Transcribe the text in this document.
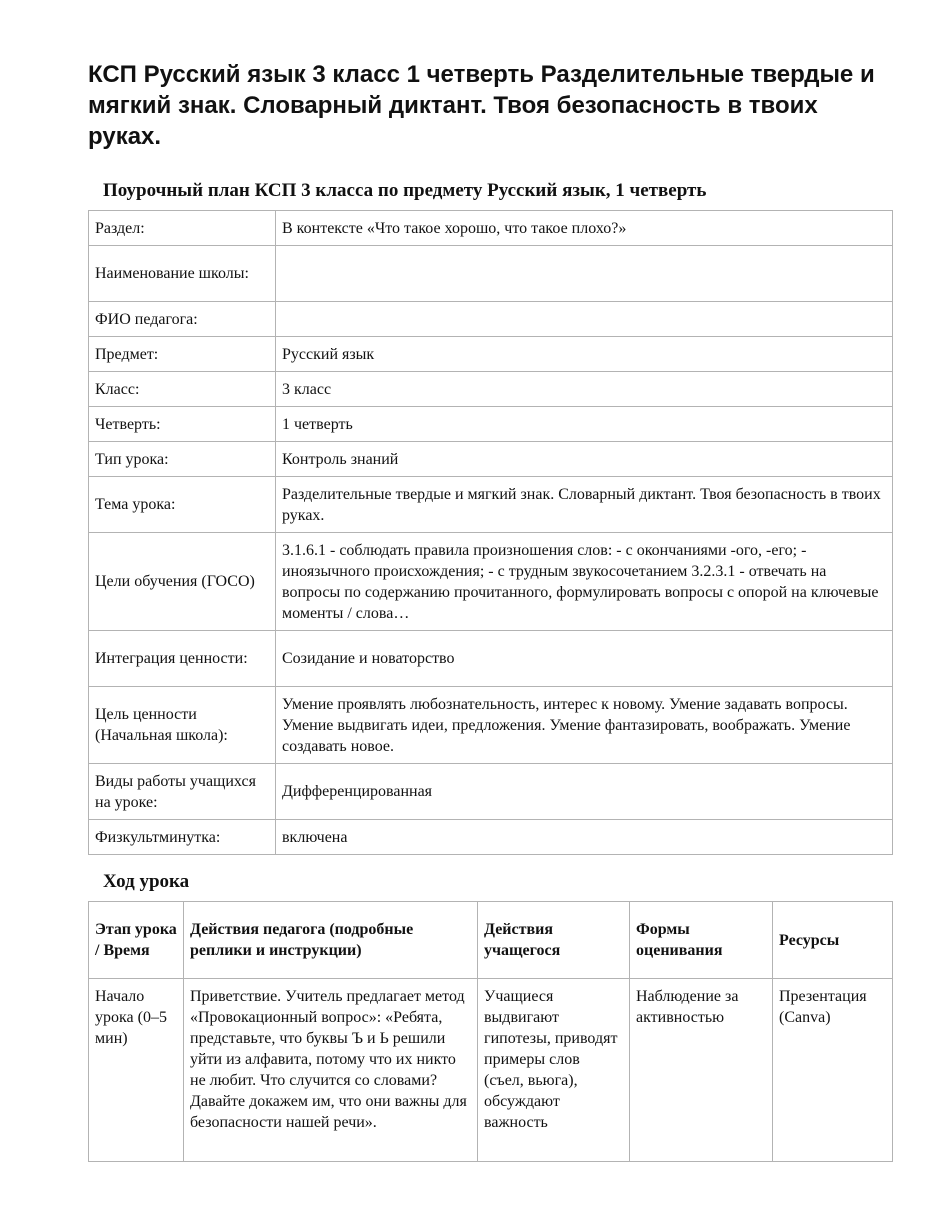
КСП Русский язык 3 класс 1 четверть Разделительные твердые и мягкий знак. Словарный диктант. Твоя безопасность в твоих руках.
Поурочный план КСП 3 класса по предмету Русский язык, 1 четверть
Раздел:	В контексте «Что такое хорошо, что такое плохо?»
Наименование школы:	
ФИО педагога:	
Предмет:	Русский язык
Класс:	3 класс
Четверть:	1 четверть
Тип урока:	Контроль знаний
Тема урока:	Разделительные твердые и мягкий знак. Словарный диктант. Твоя безопасность в твоих руках.
Цели обучения (ГОСО)	3.1.6.1 - соблюдать правила произношения слов: - с окончаниями -ого, -его; - иноязычного происхождения; - с трудным звукосочетанием 3.2.3.1 - отвечать на вопросы по содержанию прочитанного, формулировать вопросы с опорой на ключевые моменты / слова…
Интеграция ценности:	Созидание и новаторство
Цель ценности (Начальная школа):	Умение проявлять любознательность, интерес к новому. Умение задавать вопросы. Умение выдвигать идеи, предложения. Умение фантазировать, воображать. Умение создавать новое.
Виды работы учащихся на уроке:	Дифференцированная
Физкультминутка:	включена
Ход урока
Этап урока / Время	Действия педагога (подробные реплики и инструкции)	Действия учащегося	Формы оценивания	Ресурсы
Начало урока (0–5 мин)	Приветствие. Учитель предлагает метод «Провокационный вопрос»: «Ребята, представьте, что буквы Ъ и Ь решили уйти из алфавита, потому что их никто не любит. Что случится со словами? Давайте докажем им, что они важны для безопасности нашей речи».	Учащиеся выдвигают гипотезы, приводят примеры слов (съел, вьюга), обсуждают важность	Наблюдение за активностью	Презентация (Canva)
